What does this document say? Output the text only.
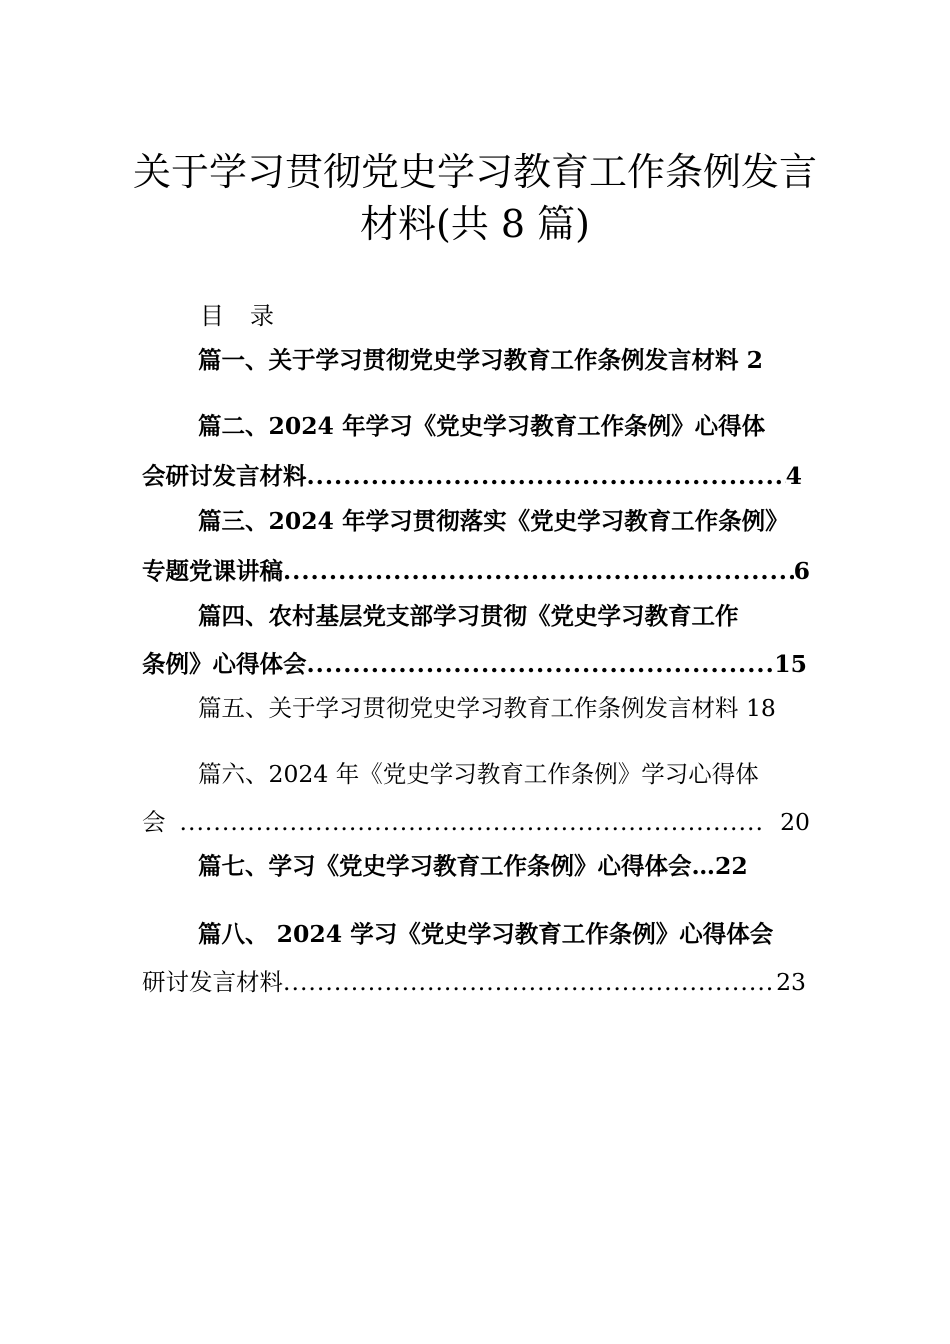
关于学习贯彻党史学习教育工作条例发言
材料(共 8 篇)
目录
篇一、关于学习贯彻党史学习教育工作条例发言材料 2
篇二、2024 年学习《党史学习教育工作条例》心得体
会研讨发言材料 .....	4
篇三、2024 年学习贯彻落实《党史学习教育工作条例》
专题党课讲稿 .....	6
篇四、农村基层党支部学习贯彻《党史学习教育工作
条例》心得体会 .....	15
篇五、关于学习贯彻党史学习教育工作条例发言材料 18
篇六、2024 年《党史学习教育工作条例》学习心得体
会 .....	20
篇七、学习《党史学习教育工作条例》心得体会…22
篇八、 2024 学习《党史学习教育工作条例》心得体会
研讨发言材料 .....	23
